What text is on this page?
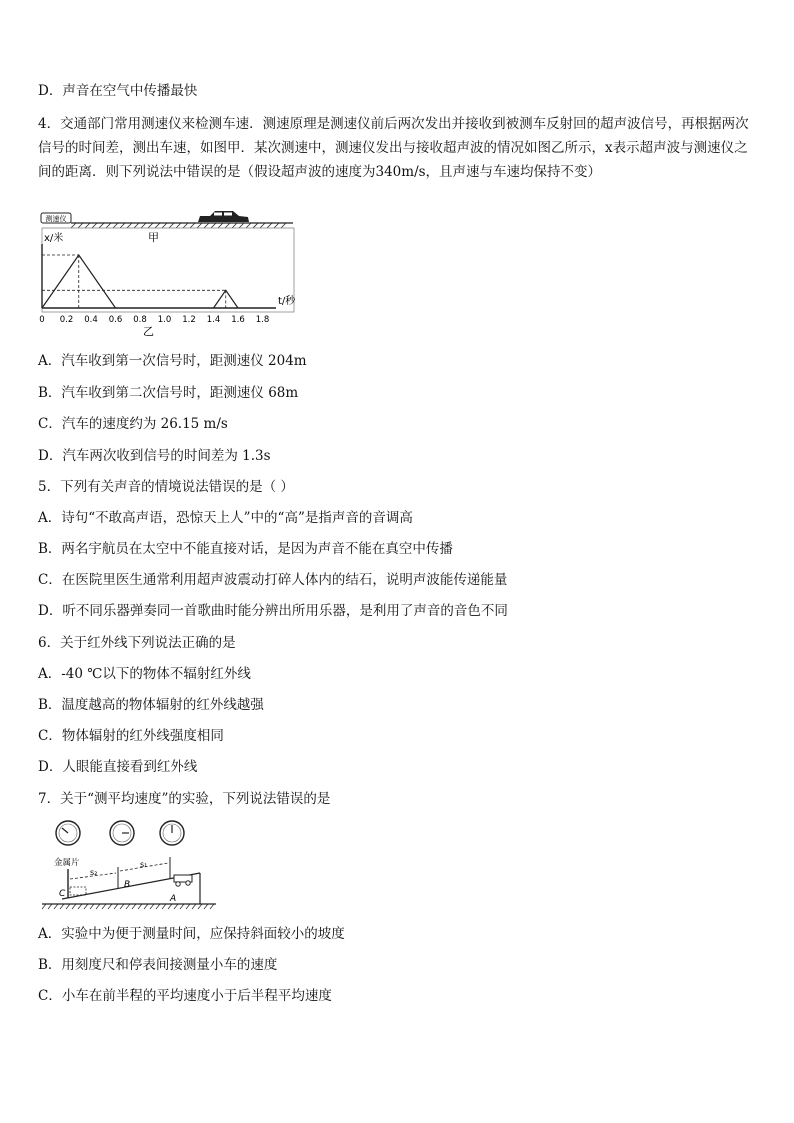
D．声音在空气中传播最快
4．交通部门常用测速仪来检测车速．测速原理是测速仪前后两次发出并接收到被测车反射回的超声波信号，再根据两次信号的时间差，测出车速，如图甲．某次测速中，测速仪发出与接收超声波的情况如图乙所示，x表示超声波与测速仪之间的距离．则下列说法中错误的是（假设超声波的速度为340m/s，且声速与车速均保持不变）
测速仪
甲
x/米
t/秒
0 0.2 0.4 0.6 0.8 1.0 1.2 1.4 1.6 1.8
乙
A．汽车收到第一次信号时，距测速仪 204m
B．汽车收到第二次信号时，距测速仪 68m
C．汽车的速度约为 26.15 m/s
D．汽车两次收到信号的时间差为 1.3s
5．下列有关声音的情境说法错误的是（ ）
A．诗句“不敢高声语，恐惊天上人”中的“高”是指声音的音调高
B．两名宇航员在太空中不能直接对话，是因为声音不能在真空中传播
C．在医院里医生通常利用超声波震动打碎人体内的结石，说明声波能传递能量
D．听不同乐器弹奏同一首歌曲时能分辨出所用乐器，是利用了声音的音色不同
6．关于红外线下列说法正确的是
A．-40 ℃以下的物体不辐射红外线
B．温度越高的物体辐射的红外线越强
C．物体辐射的红外线强度相同
D．人眼能直接看到红外线
7．关于“测平均速度”的实验，下列说法错误的是
金属片
s₂
s₁
C
B
A
A．实验中为便于测量时间，应保持斜面较小的坡度
B．用刻度尺和停表间接测量小车的速度
C．小车在前半程的平均速度小于后半程平均速度
